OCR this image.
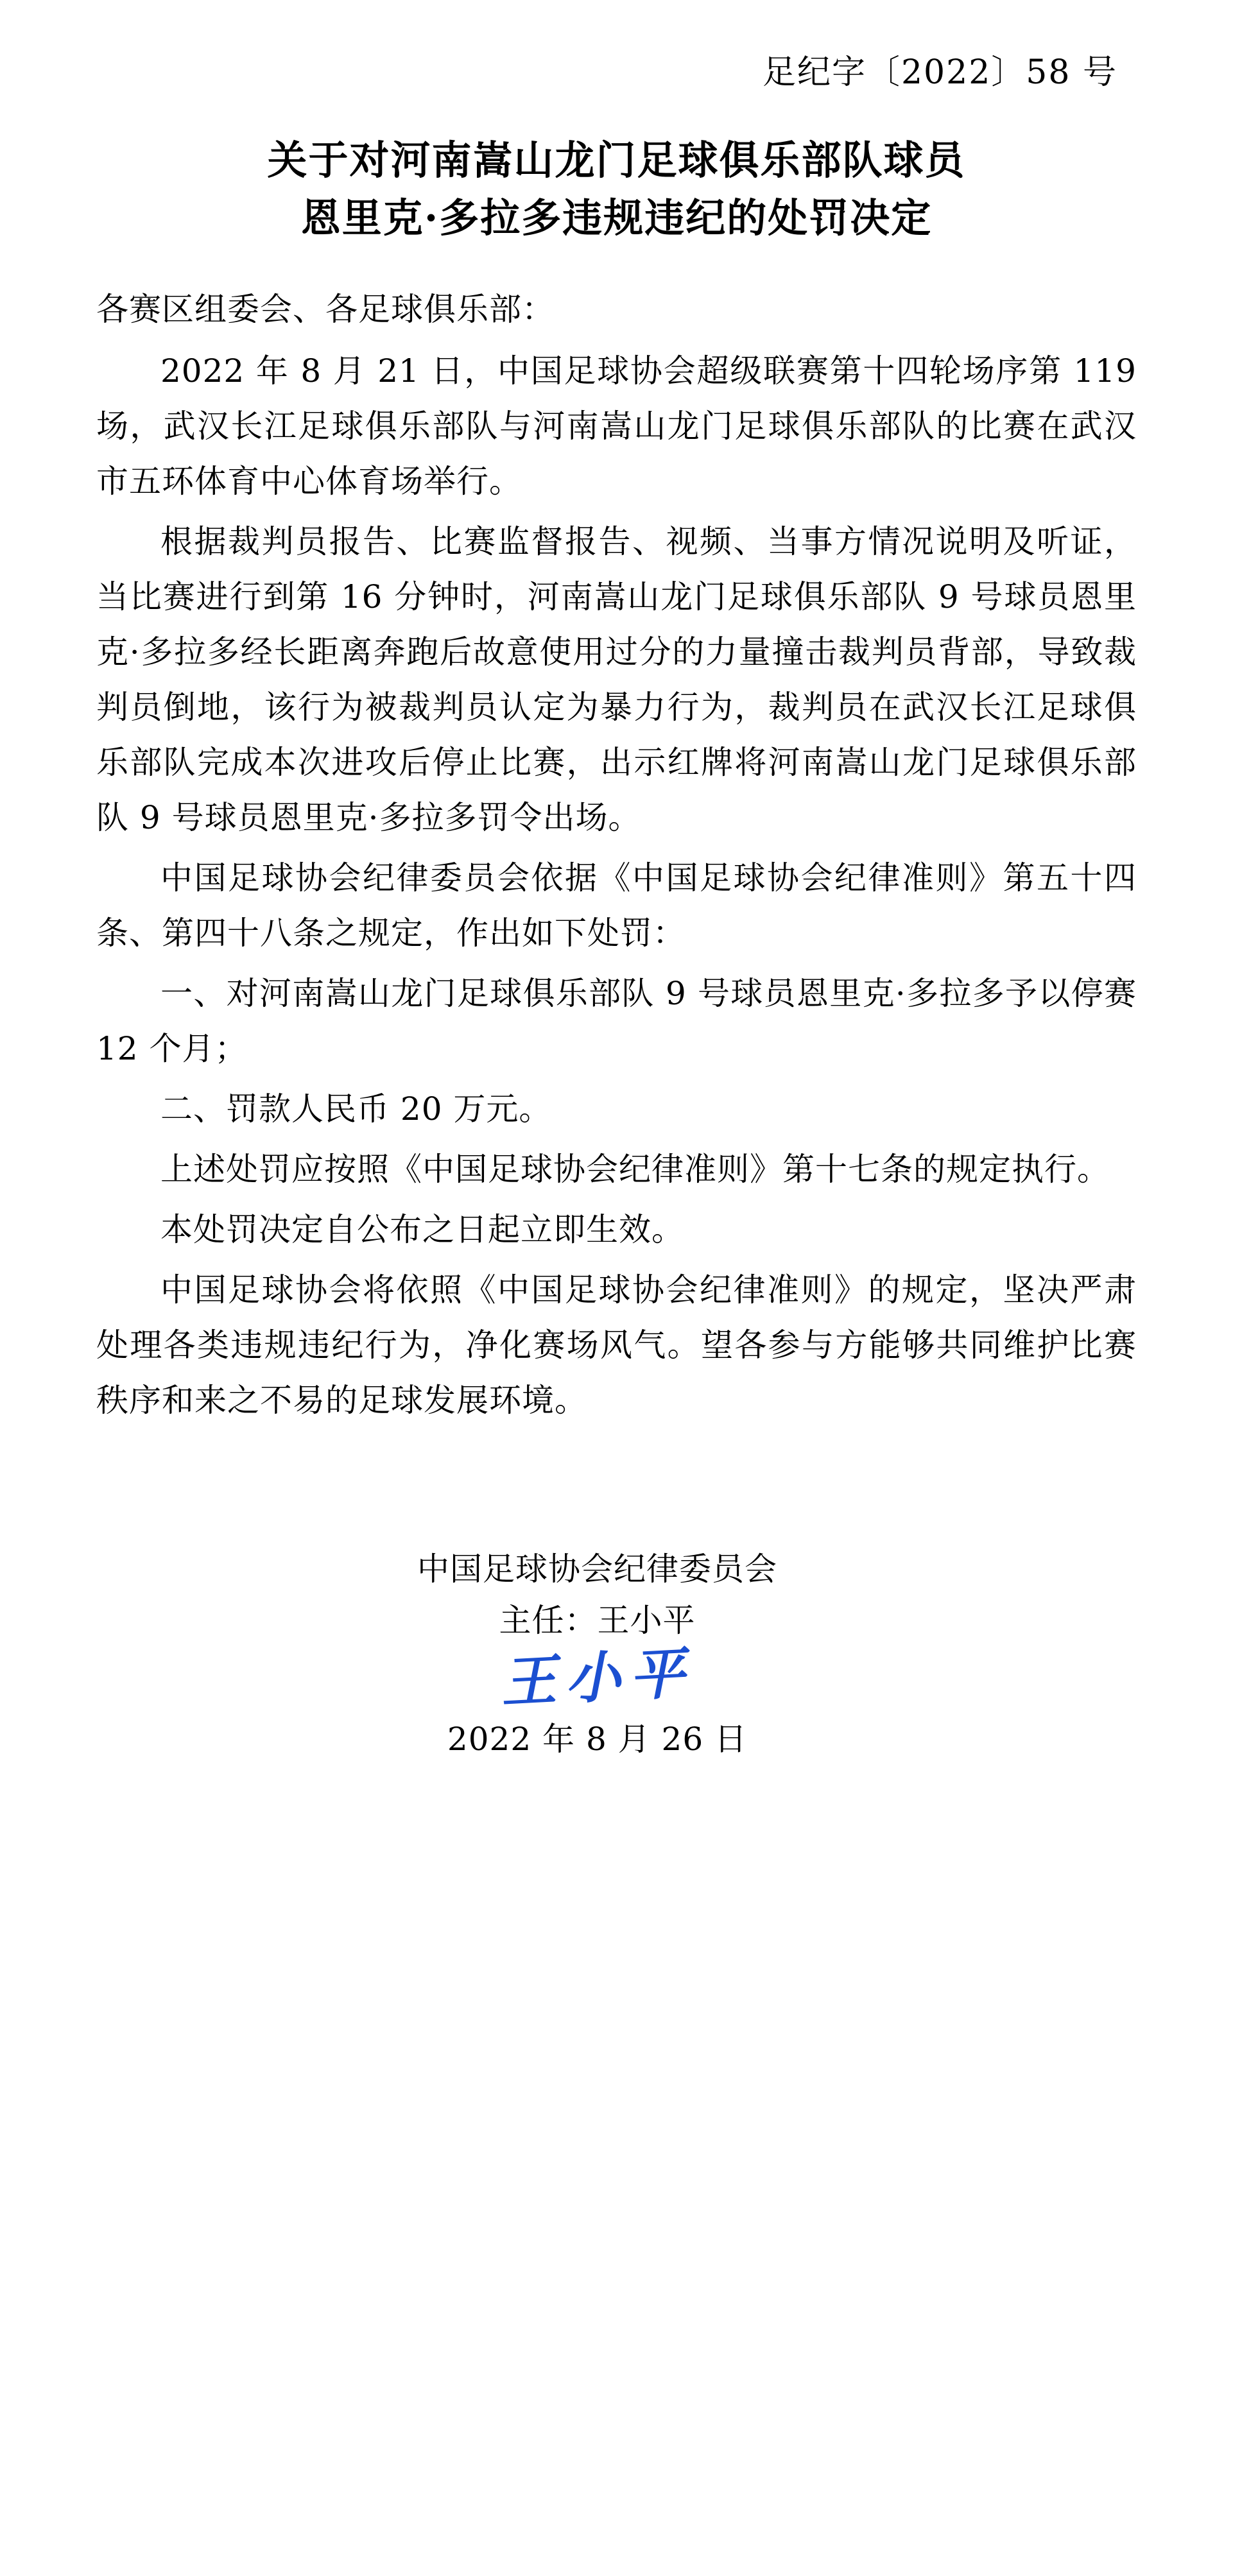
足纪字〔2022〕58 号
关于对河南嵩山龙门足球俱乐部队球员
恩里克·多拉多违规违纪的处罚决定
各赛区组委会、各足球俱乐部：

2022 年 8 月 21 日，中国足球协会超级联赛第十四轮场序第 119 场，武汉长江足球俱乐部队与河南嵩山龙门足球俱乐部队的比赛在武汉市五环体育中心体育场举行。

根据裁判员报告、比赛监督报告、视频、当事方情况说明及听证，当比赛进行到第 16 分钟时，河南嵩山龙门足球俱乐部队 9 号球员恩里克·多拉多经长距离奔跑后故意使用过分的力量撞击裁判员背部，导致裁判员倒地，该行为被裁判员认定为暴力行为，裁判员在武汉长江足球俱乐部队完成本次进攻后停止比赛，出示红牌将河南嵩山龙门足球俱乐部队 9 号球员恩里克·多拉多罚令出场。

中国足球协会纪律委员会依据《中国足球协会纪律准则》第五十四条、第四十八条之规定，作出如下处罚：

一、对河南嵩山龙门足球俱乐部队 9 号球员恩里克·多拉多予以停赛 12 个月；

二、罚款人民币 20 万元。

上述处罚应按照《中国足球协会纪律准则》第十七条的规定执行。

本处罚决定自公布之日起立即生效。

中国足球协会将依照《中国足球协会纪律准则》的规定，坚决严肃处理各类违规违纪行为，净化赛场风气。望各参与方能够共同维护比赛秩序和来之不易的足球发展环境。

中国足球协会纪律委员会
主任：王小平
王小平
2022 年 8 月 26 日
